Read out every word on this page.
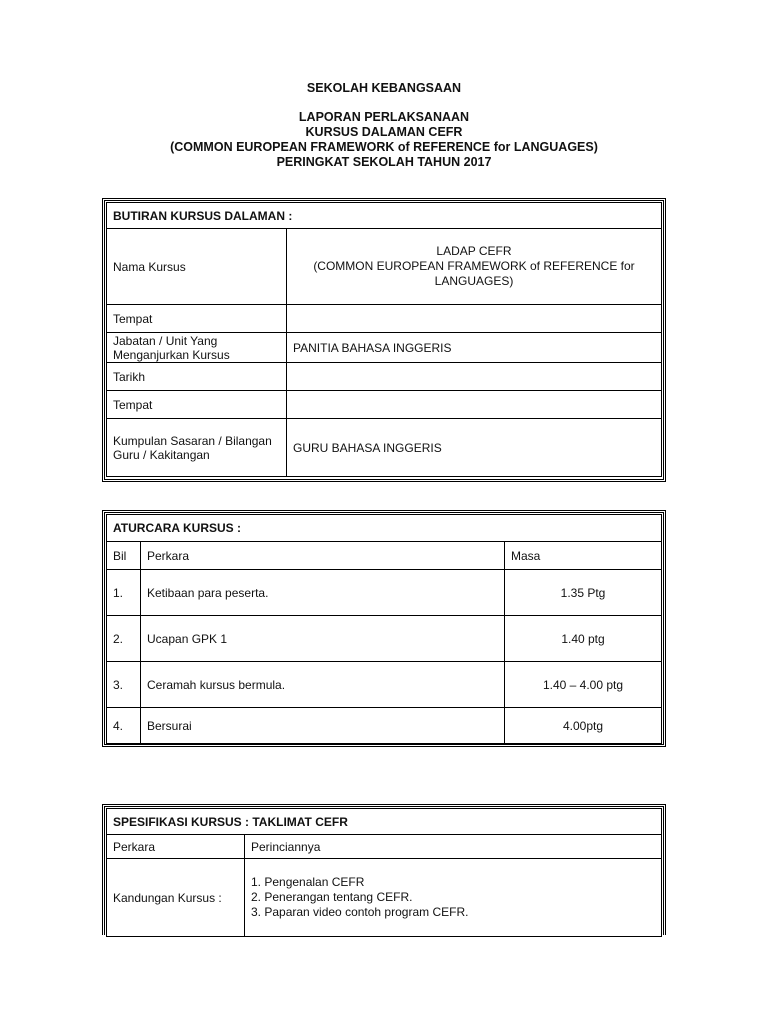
SEKOLAH KEBANGSAAN
LAPORAN PERLAKSANAAN
KURSUS DALAMAN CEFR
(COMMON EUROPEAN FRAMEWORK of REFERENCE for LANGUAGES)
PERINGKAT SEKOLAH TAHUN 2017
BUTIRAN KURSUS DALAMAN :	
Nama Kursus	LADAP CEFR
(COMMON EUROPEAN FRAMEWORK of REFERENCE for
LANGUAGES)

Tempat	
Jabatan / Unit Yang Menganjurkan Kursus	PANITIA BAHASA INGGERIS
Tarikh	
Tempat	
Kumpulan Sasaran / Bilangan Guru / Kakitangan	GURU BAHASA INGGERIS
ATURCARA KURSUS :		
Bil	Perkara	Masa
1.	Ketibaan para peserta.	1.35 Ptg
2.	Ucapan GPK 1	1.40 ptg
3.	Ceramah kursus bermula.	1.40 – 4.00 ptg
4.	Bersurai	4.00ptg
SPESIFIKASI KURSUS : TAKLIMAT CEFR	
Perkara	Perinciannya
Kandungan Kursus :	1. Pengenalan CEFR
2. Penerangan tentang CEFR.
3. Paparan video contoh program CEFR.
